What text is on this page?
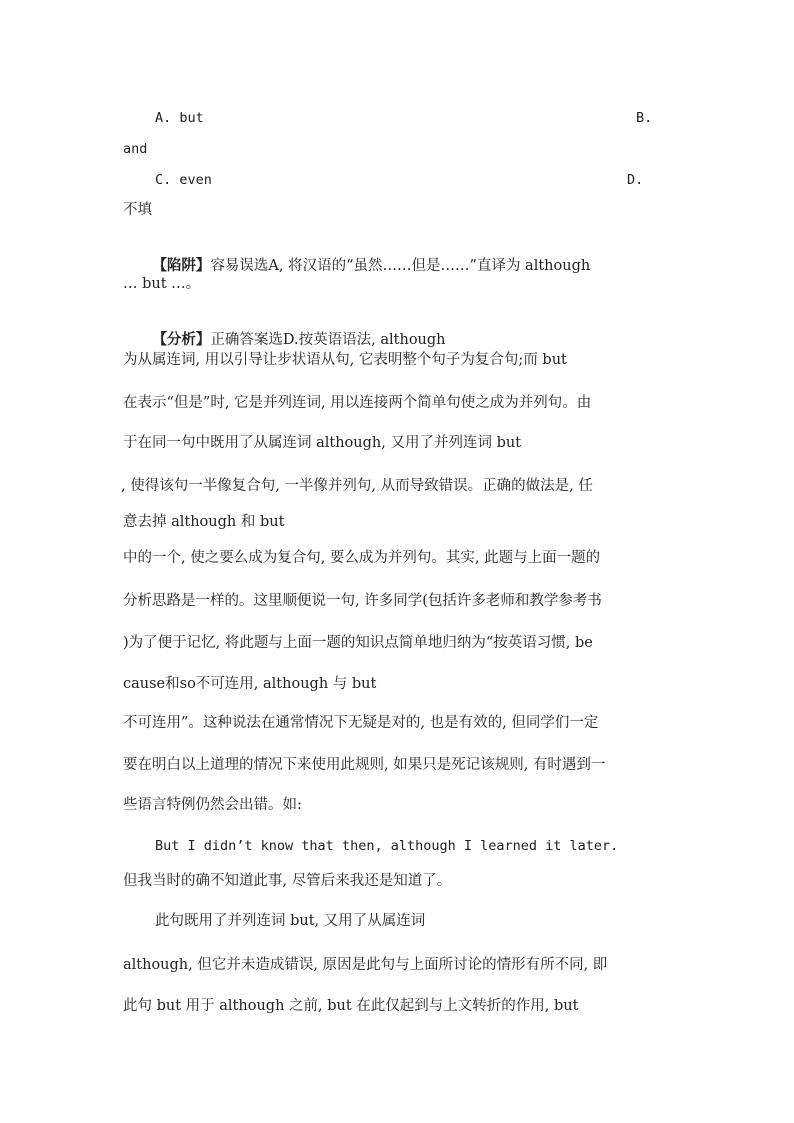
A. but	B.
and
C. even	D.
不填

【陷阱】容易误选A, 将汉语的“虽然……但是……”直译为 although

… but …。

【分析】正确答案选D.按英语语法, although

为从属连词, 用以引导让步状语从句, 它表明整个句子为复合句;而 but
在表示“但是”时, 它是并列连词, 用以连接两个简单句使之成为并列句。由
于在同一句中既用了从属连词 although, 又用了并列连词 but
, 使得该句一半像复合句, 一半像并列句, 从而导致错误。正确的做法是, 任
意去掉 although 和 but
中的一个, 使之要么成为复合句, 要么成为并列句。其实, 此题与上面一题的
分析思路是一样的。这里顺便说一句, 许多同学(包括许多老师和教学参考书
)为了便于记忆, 将此题与上面一题的知识点简单地归纳为“按英语习惯, be
cause和so不可连用, although 与 but
不可连用”。这种说法在通常情况下无疑是对的, 也是有效的, 但同学们一定
要在明白以上道理的情况下来使用此规则, 如果只是死记该规则, 有时遇到一
些语言特例仍然会出错。如:
But I didn’t know that then, although I learned it later.
但我当时的确不知道此事, 尽管后来我还是知道了。
此句既用了并列连词 but, 又用了从属连词
although, 但它并未造成错误, 原因是此句与上面所讨论的情形有所不同, 即
此句 but 用于 although 之前, but 在此仅起到与上文转折的作用, but
